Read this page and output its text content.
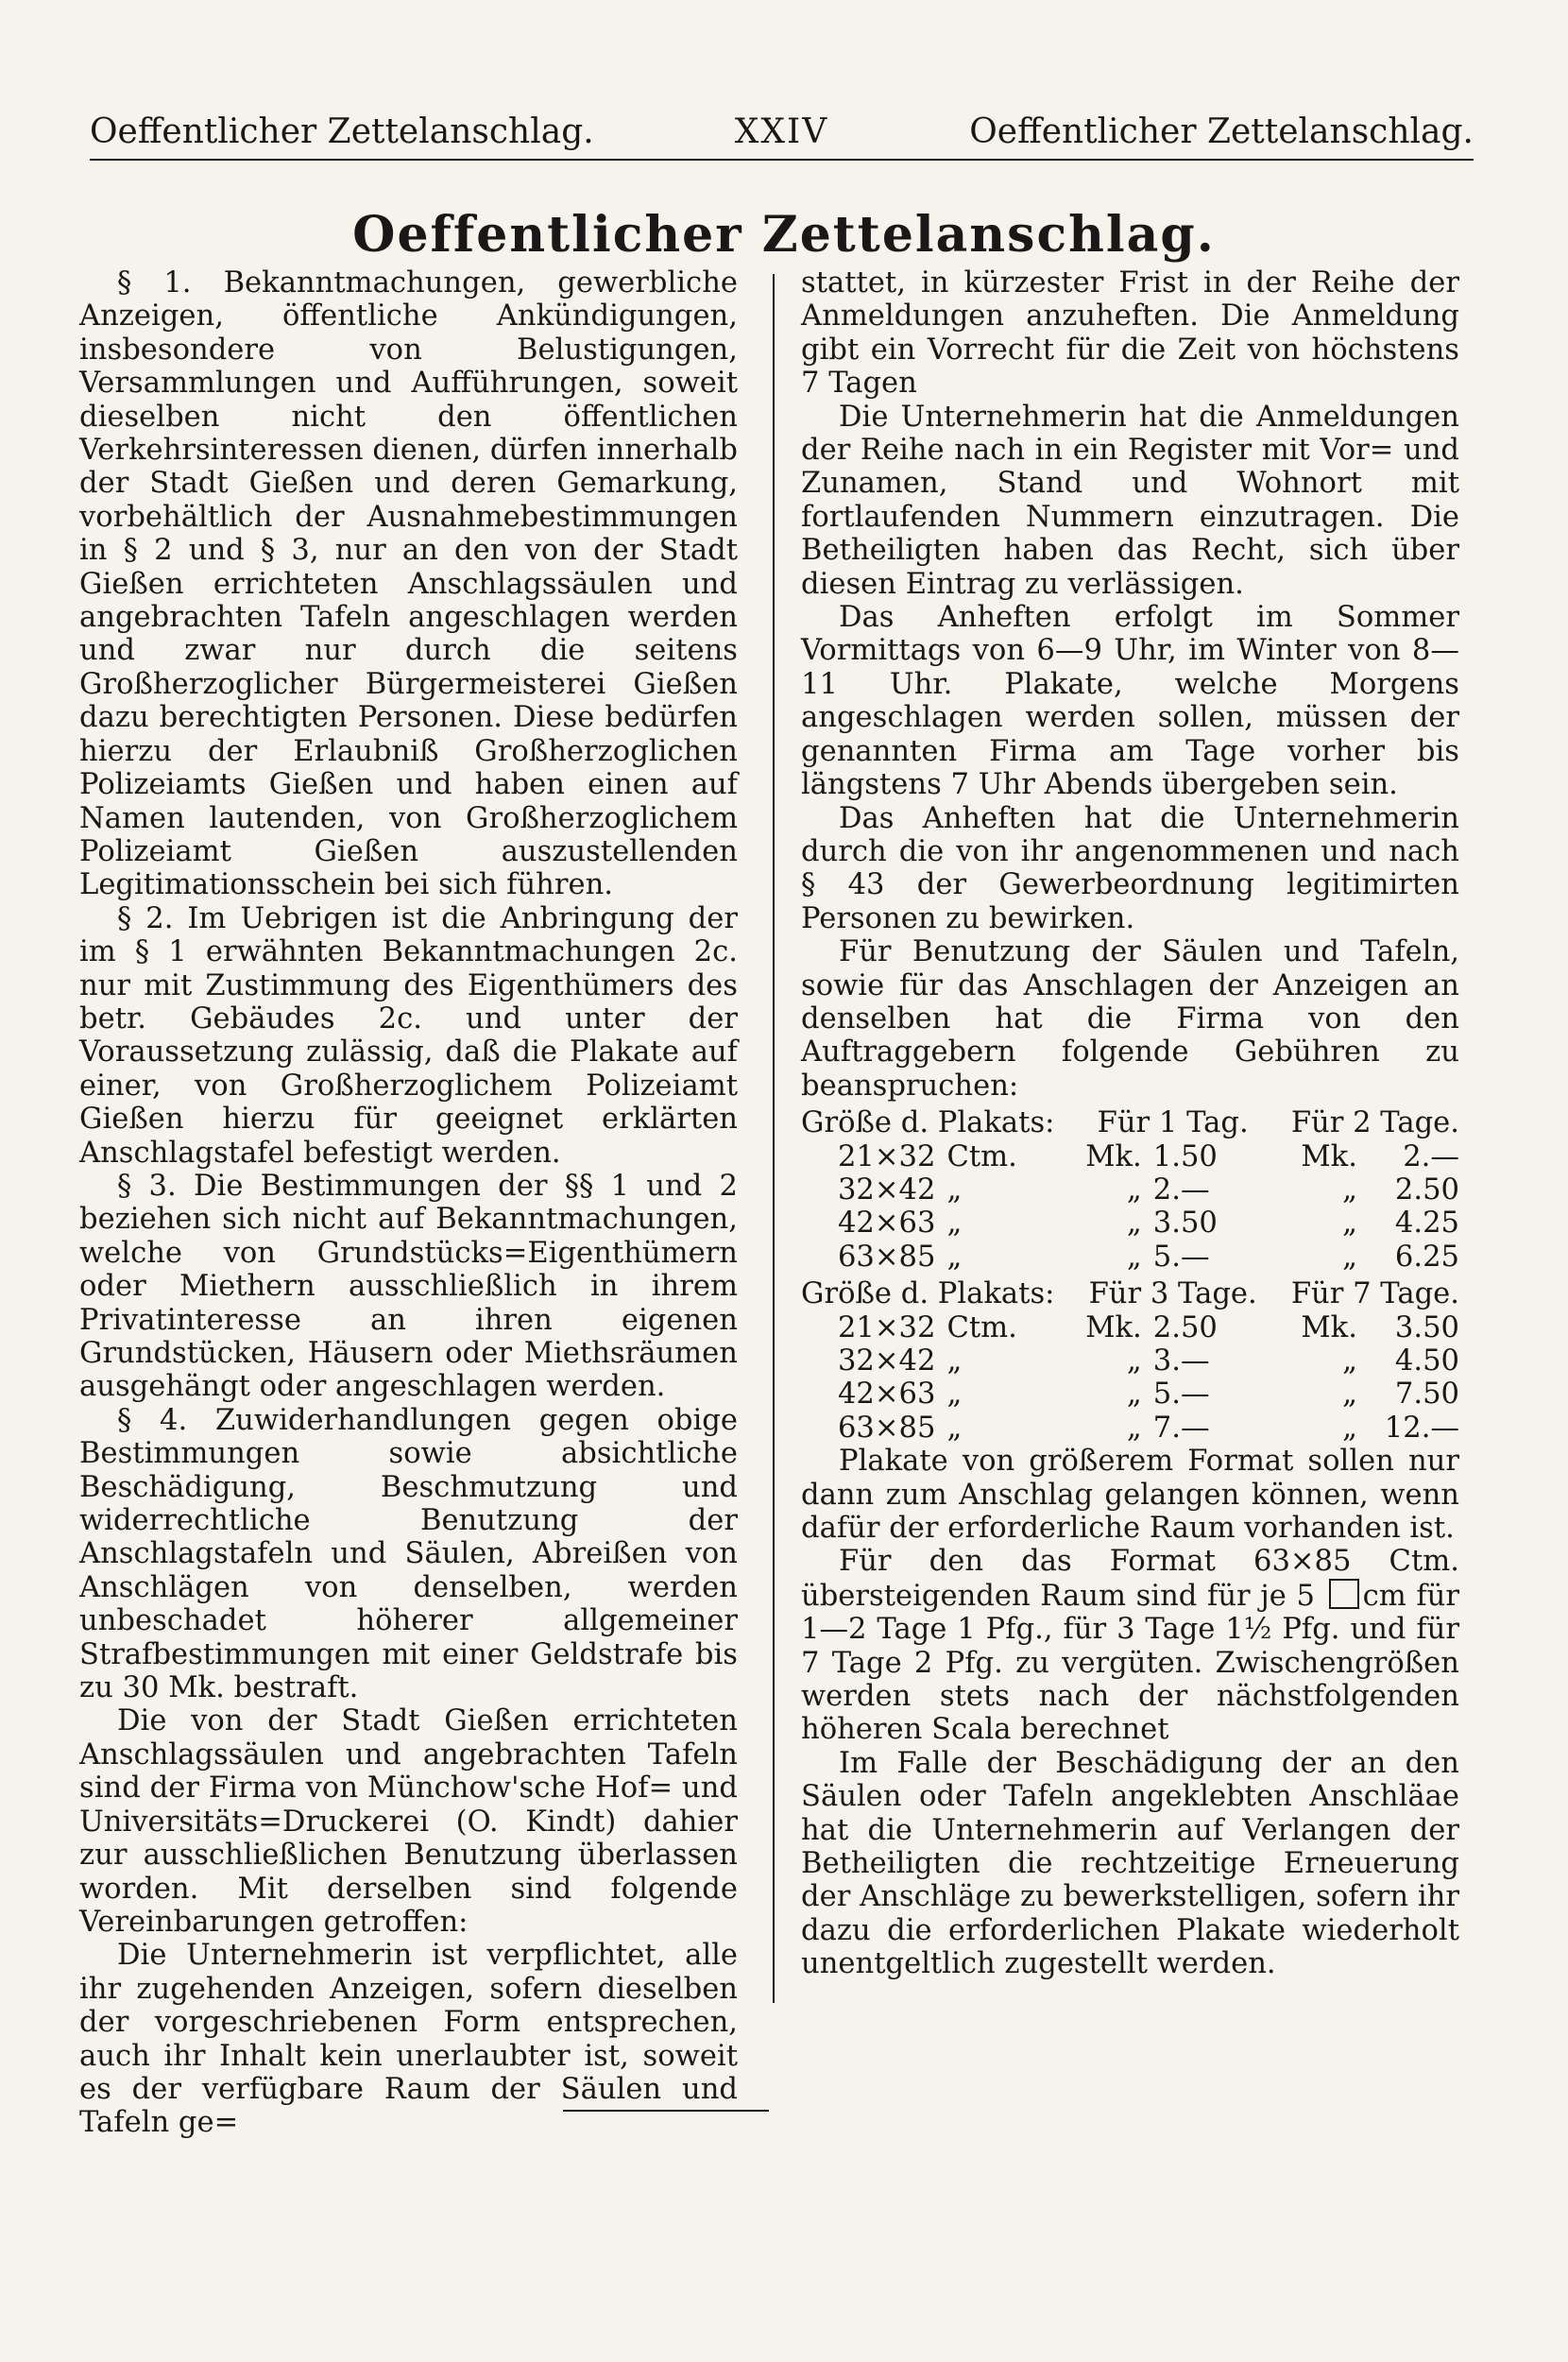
Oeffentlicher Zettelanschlag.	XXIV	Oeffentlicher Zettelanschlag.
Oeffentlicher Zettelanschlag.

§ 1. Bekanntmachungen, gewerbliche Anzeigen, öffentliche Ankündigungen, insbesondere von Belustigungen, Versammlungen und Aufführungen, soweit dieselben nicht den öffentlichen Verkehrsinteressen dienen, dürfen innerhalb der Stadt Gießen und deren Gemarkung, vorbehältlich der Ausnahmebestimmungen in § 2 und § 3, nur an den von der Stadt Gießen errichteten Anschlagssäulen und angebrachten Tafeln angeschlagen werden und zwar nur durch die seitens Großherzoglicher Bürgermeisterei Gießen dazu berechtigten Personen. Diese bedürfen hierzu der Erlaubniß Großherzoglichen Polizeiamts Gießen und haben einen auf Namen lautenden, von Großherzoglichem Polizeiamt Gießen auszustellenden Legitimationsschein bei sich führen.

§ 2. Im Uebrigen ist die Anbringung der im § 1 erwähnten Bekanntmachungen 2c. nur mit Zustimmung des Eigenthümers des betr. Gebäudes 2c. und unter der Voraussetzung zulässig, daß die Plakate auf einer, von Großherzoglichem Polizeiamt Gießen hierzu für geeignet erklärten Anschlagstafel befestigt werden.

§ 3. Die Bestimmungen der §§ 1 und 2 beziehen sich nicht auf Bekanntmachungen, welche von Grundstücks=Eigenthümern oder Miethern ausschließlich in ihrem Privatinteresse an ihren eigenen Grundstücken, Häusern oder Miethsräumen ausgehängt oder angeschlagen werden.

§ 4. Zuwiderhandlungen gegen obige Bestimmungen sowie absichtliche Beschädigung, Beschmutzung und widerrechtliche Benutzung der Anschlagstafeln und Säulen, Abreißen von Anschlägen von denselben, werden unbeschadet höherer allgemeiner Strafbestimmungen mit einer Geldstrafe bis zu 30 Mk. bestraft.

Die von der Stadt Gießen errichteten Anschlagssäulen und angebrachten Tafeln sind der Firma von Münchow'sche Hof= und Universitäts=Druckerei (O. Kindt) dahier zur ausschließlichen Benutzung überlassen worden. Mit derselben sind folgende Vereinbarungen getroffen:

Die Unternehmerin ist verpflichtet, alle ihr zugehenden Anzeigen, sofern dieselben der vorgeschriebenen Form entsprechen, auch ihr Inhalt kein unerlaubter ist, soweit es der verfügbare Raum der Säulen und Tafeln ge=

stattet, in kürzester Frist in der Reihe der Anmeldungen anzuheften. Die Anmeldung gibt ein Vorrecht für die Zeit von höchstens 7 Tagen

Die Unternehmerin hat die Anmeldungen der Reihe nach in ein Register mit Vor= und Zunamen, Stand und Wohnort mit fortlaufenden Nummern einzutragen. Die Betheiligten haben das Recht, sich über diesen Eintrag zu verlässigen.

Das Anheften erfolgt im Sommer Vormittags von 6—9 Uhr, im Winter von 8—11 Uhr. Plakate, welche Morgens angeschlagen werden sollen, müssen der genannten Firma am Tage vorher bis längstens 7 Uhr Abends übergeben sein.

Das Anheften hat die Unternehmerin durch die von ihr angenommenen und nach § 43 der Gewerbeordnung legitimirten Personen zu bewirken.

Für Benutzung der Säulen und Tafeln, sowie für das Anschlagen der Anzeigen an denselben hat die Firma von den Auftraggebern folgende Gebühren zu beanspruchen:

Größe d. Plakats: Für 1 Tag. Für 2 Tage.
21×32 Ctm.	Mk. 1.50	Mk.	2.—
32×42 „	„ 2.—	„	2.50
42×63 „	„ 3.50	„	4.25
63×85 „	„ 5.—	„	6.25
Größe d. Plakats: Für 3 Tage. Für 7 Tage.
21×32 Ctm.	Mk. 2.50	Mk.	3.50
32×42 „	„ 3.—	„	4.50
42×63 „	„ 5.—	„	7.50
63×85 „	„ 7.—	„ 12.—

Plakate von größerem Format sollen nur dann zum Anschlag gelangen können, wenn dafür der erforderliche Raum vorhanden ist.

Für den das Format 63×85 Ctm. übersteigenden Raum sind für je 5 cm für 1—2 Tage 1 Pfg., für 3 Tage 1½ Pfg. und für 7 Tage 2 Pfg. zu vergüten. Zwischengrößen werden stets nach der nächstfolgenden höheren Scala berechnet

Im Falle der Beschädigung der an den Säulen oder Tafeln angeklebten Anschläae hat die Unternehmerin auf Verlangen der Betheiligten die rechtzeitige Erneuerung der Anschläge zu bewerkstelligen, sofern ihr dazu die erforderlichen Plakate wiederholt unentgeltlich zugestellt werden.
